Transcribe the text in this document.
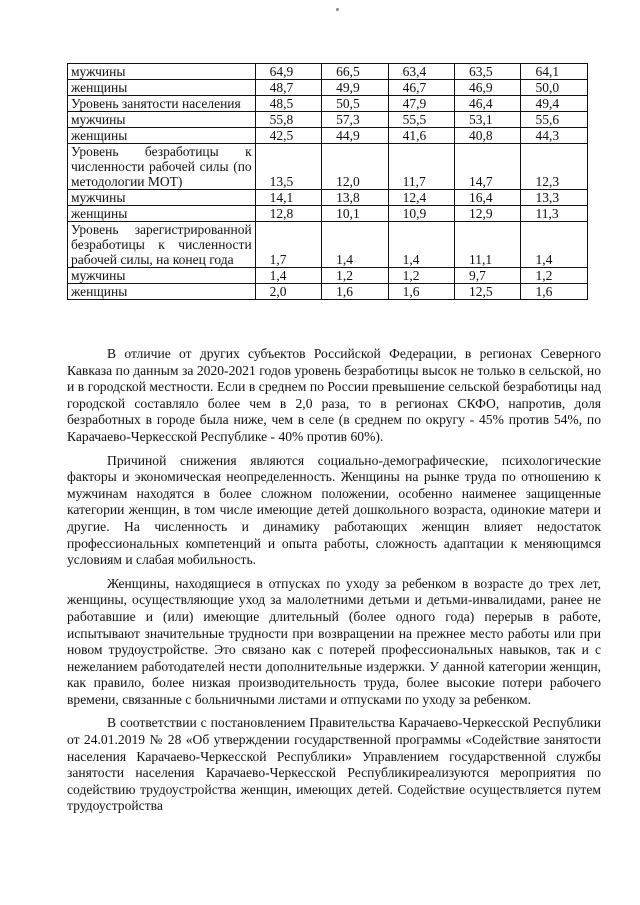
мужчины	64,9	66,5	63,4	63,5	64,1
женщины	48,7	49,9	46,7	46,9	50,0
Уровень занятости населения	48,5	50,5	47,9	46,4	49,4
мужчины	55,8	57,3	55,5	53,1	55,6
женщины	42,5	44,9	41,6	40,8	44,3
Уровень безработицы к численности рабочей силы (по методологии МОТ)	13,5	12,0	11,7	14,7	12,3
мужчины	14,1	13,8	12,4	16,4	13,3
женщины	12,8	10,1	10,9	12,9	11,3
Уровень зарегистрированной безработицы к численности рабочей силы, на конец года	1,7	1,4	1,4	11,1	1,4
мужчины	1,4	1,2	1,2	9,7	1,2
женщины	2,0	1,6	1,6	12,5	1,6

В отличие от других субъектов Российской Федерации, в регионах Северного Кавказа по данным за 2020-2021 годов уровень безработицы высок не только в сельской, но и в городской местности. Если в среднем по России превышение сельской безработицы над городской составляло более чем в 2,0 раза, то в регионах СКФО, напротив, доля безработных в городе была ниже, чем в селе (в среднем по округу - 45% против 54%, по Карачаево-Черкесской Республике - 40% против 60%).

Причиной снижения являются социально-демографические, психологические факторы и экономическая неопределенность. Женщины на рынке труда по отношению к мужчинам находятся в более сложном положении, особенно наименее защищенные категории женщин, в том числе имеющие детей дошкольного возраста, одинокие матери и другие. На численность и динамику работающих женщин влияет недостаток профессиональных компетенций и опыта работы, сложность адаптации к меняющимся условиям и слабая мобильность.

Женщины, находящиеся в отпусках по уходу за ребенком в возрасте до трех лет, женщины, осуществляющие уход за малолетними детьми и детьми-инвалидами, ранее не работавшие и (или) имеющие длительный (более одного года) перерыв в работе, испытывают значительные трудности при возвращении на прежнее место работы или при новом трудоустройстве. Это связано как с потерей профессиональных навыков, так и с нежеланием работодателей нести дополнительные издержки. У данной категории женщин, как правило, более низкая производительность труда, более высокие потери рабочего времени, связанные с больничными листами и отпусками по уходу за ребенком.

В соответствии с постановлением Правительства Карачаево-Черкесской Республики от 24.01.2019 № 28 «Об утверждении государственной программы «Содействие занятости населения Карачаево-Черкесской Республики» Управлением государственной службы занятости населения Карачаево-Черкесской Республикиреализуются мероприятия по содействию трудоустройства женщин, имеющих детей. Содействие осуществляется путем трудоустройства
